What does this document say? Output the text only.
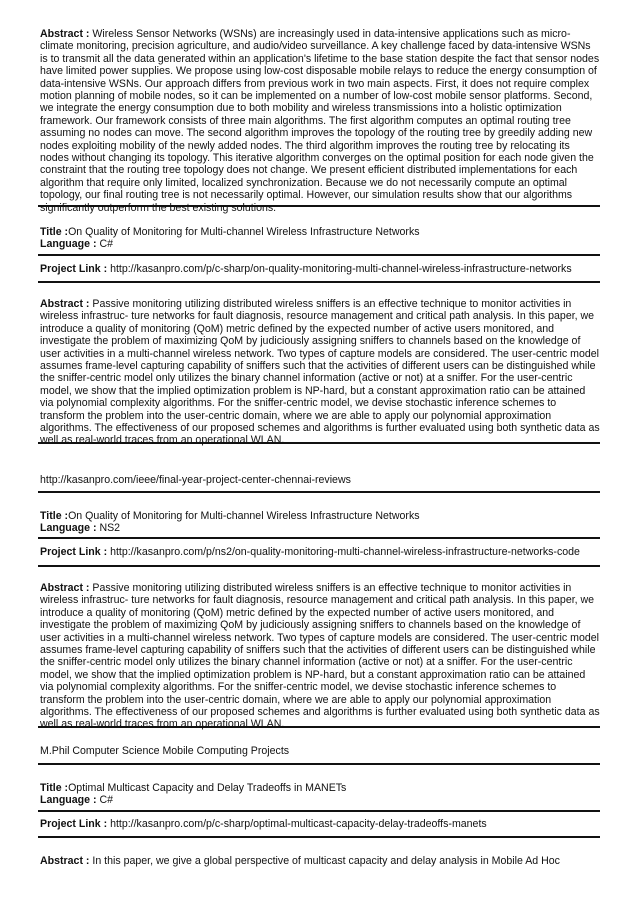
Abstract : Wireless Sensor Networks (WSNs) are increasingly used in data-intensive applications such as micro-climate monitoring, precision agriculture, and audio/video surveillance. A key challenge faced by data-intensive WSNs is to transmit all the data generated within an application's lifetime to the base station despite the fact that sensor nodes have limited power supplies. We propose using low-cost disposable mobile relays to reduce the energy consumption of data-intensive WSNs. Our approach differs from previous work in two main aspects. First, it does not require complex motion planning of mobile nodes, so it can be implemented on a number of low-cost mobile sensor platforms. Second, we integrate the energy consumption due to both mobility and wireless transmissions into a holistic optimization framework. Our framework consists of three main algorithms. The first algorithm computes an optimal routing tree assuming no nodes can move. The second algorithm improves the topology of the routing tree by greedily adding new nodes exploiting mobility of the newly added nodes. The third algorithm improves the routing tree by relocating its nodes without changing its topology. This iterative algorithm converges on the optimal position for each node given the constraint that the routing tree topology does not change. We present efficient distributed implementations for each algorithm that require only limited, localized synchronization. Because we do not necessarily compute an optimal topology, our final routing tree is not necessarily optimal. However, our simulation results show that our algorithms significantly outperform the best existing solutions.

Title :On Quality of Monitoring for Multi-channel Wireless Infrastructure Networks

Language : C#

Project Link : http://kasanpro.com/p/c-sharp/on-quality-monitoring-multi-channel-wireless-infrastructure-networks
Abstract : Passive monitoring utilizing distributed wireless sniffers is an effective technique to monitor activities in wireless infrastruc- ture networks for fault diagnosis, resource management and critical path analysis. In this paper, we introduce a quality of monitoring (QoM) metric defined by the expected number of active users monitored, and investigate the problem of maximizing QoM by judiciously assigning sniffers to channels based on the knowledge of user activities in a multi-channel wireless network. Two types of capture models are considered. The user-centric model assumes frame-level capturing capability of sniffers such that the activities of different users can be distinguished while the sniffer-centric model only utilizes the binary channel information (active or not) at a sniffer. For the user-centric model, we show that the implied optimization problem is NP-hard, but a constant approximation ratio can be attained via polynomial complexity algorithms. For the sniffer-centric model, we devise stochastic inference schemes to transform the problem into the user-centric domain, where we are able to apply our polynomial approximation algorithms. The effectiveness of our proposed schemes and algorithms is further evaluated using both synthetic data as well as real-world traces from an operational WLAN.
http://kasanpro.com/ieee/final-year-project-center-chennai-reviews

Title :On Quality of Monitoring for Multi-channel Wireless Infrastructure Networks

Language : NS2

Project Link : http://kasanpro.com/p/ns2/on-quality-monitoring-multi-channel-wireless-infrastructure-networks-code
Abstract : Passive monitoring utilizing distributed wireless sniffers is an effective technique to monitor activities in wireless infrastruc- ture networks for fault diagnosis, resource management and critical path analysis. In this paper, we introduce a quality of monitoring (QoM) metric defined by the expected number of active users monitored, and investigate the problem of maximizing QoM by judiciously assigning sniffers to channels based on the knowledge of user activities in a multi-channel wireless network. Two types of capture models are considered. The user-centric model assumes frame-level capturing capability of sniffers such that the activities of different users can be distinguished while the sniffer-centric model only utilizes the binary channel information (active or not) at a sniffer. For the user-centric model, we show that the implied optimization problem is NP-hard, but a constant approximation ratio can be attained via polynomial complexity algorithms. For the sniffer-centric model, we devise stochastic inference schemes to transform the problem into the user-centric domain, where we are able to apply our polynomial approximation algorithms. The effectiveness of our proposed schemes and algorithms is further evaluated using both synthetic data as well as real-world traces from an operational WLAN.
M.Phil Computer Science Mobile Computing Projects

Title :Optimal Multicast Capacity and Delay Tradeoffs in MANETs

Language : C#

Project Link : http://kasanpro.com/p/c-sharp/optimal-multicast-capacity-delay-tradeoffs-manets
Abstract : In this paper, we give a global perspective of multicast capacity and delay analysis in Mobile Ad Hoc
